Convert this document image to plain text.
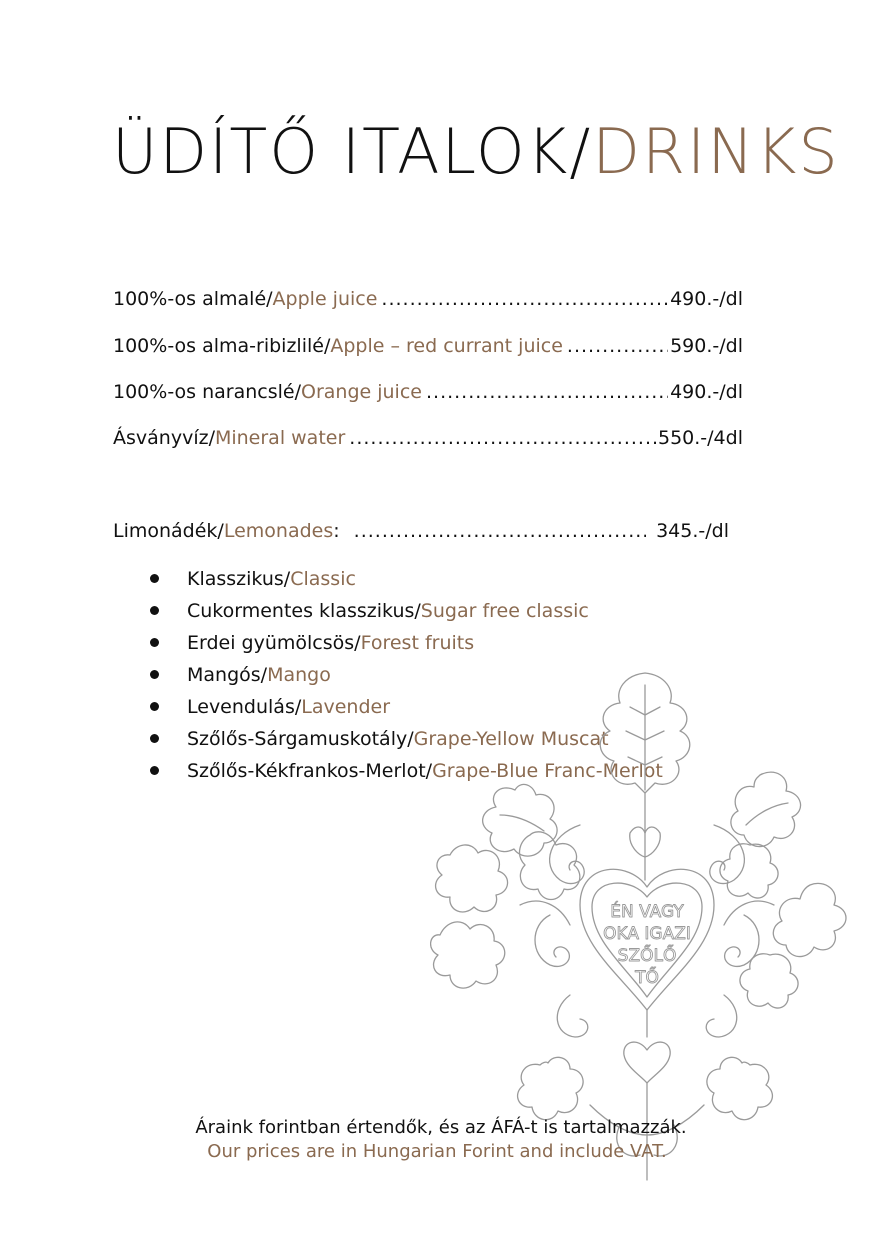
ÜDÍTŐ ITALOK/DRINKS
100%-os almalé/Apple juice .....	490.-/dl
100%-os alma-ribizlilé/Apple – red currant juice .....	590.-/dl
100%-os narancslé/Orange juice .....	490.-/dl
Ásványvíz/Mineral water .....	550.-/4dl
Limonádék/Lemonades: .....	345.-/dl
Klasszikus/Classic
Cukormentes klasszikus/Sugar free classic
Erdei gyümölcsös/Forest fruits
Mangós/Mango
Levendulás/Lavender
Szőlős-Sárgamuskotály/Grape-Yellow Muscat
Szőlős-Kékfrankos-Merlot/Grape-Blue Franc-Merlot
ÉN VAGY
OKA IGAZI
SZŐLŐ
TŐ
Áraink forintban értendők, és az ÁFÁ-t is tartalmazzák.
Our prices are in Hungarian Forint and include VAT.
